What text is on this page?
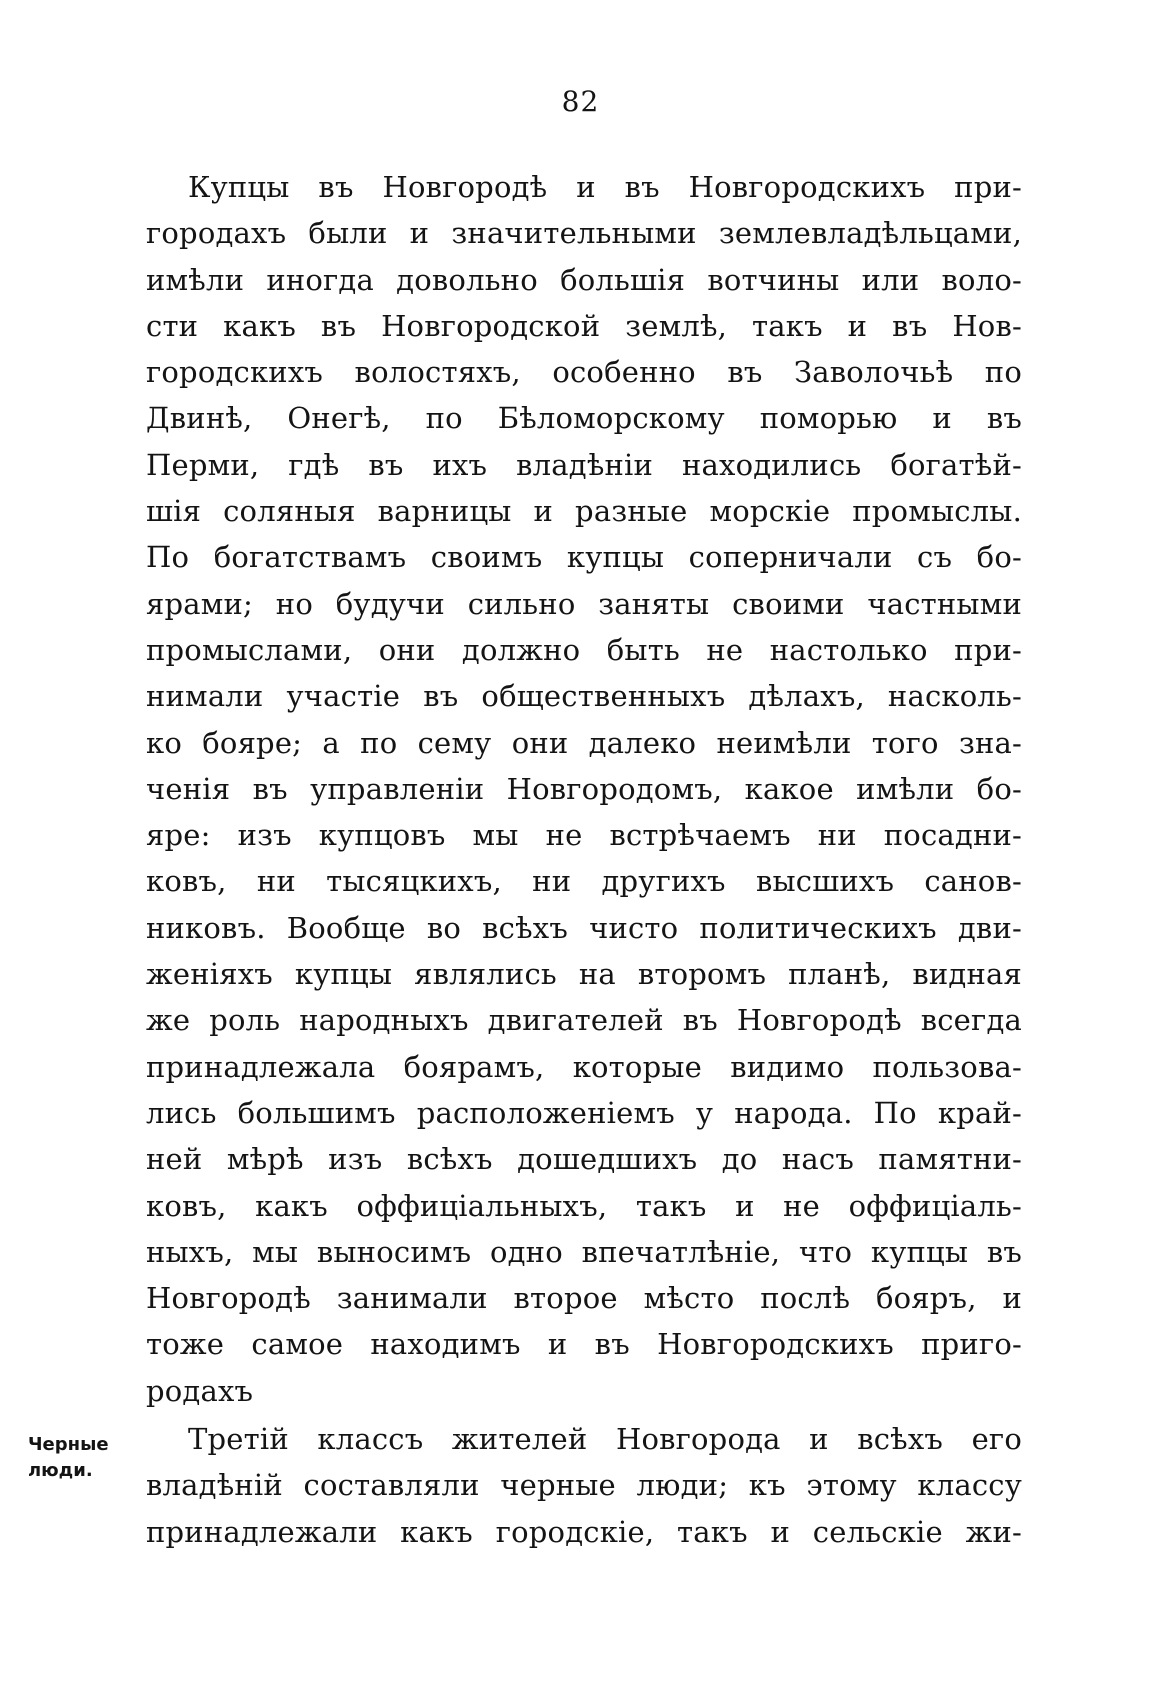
82
Купцы въ Новгородѣ и въ Новгородскихъ при-
городахъ были и значительными землевладѣльцами,
имѣли иногда довольно большія вотчины или воло-
сти какъ въ Новгородской землѣ, такъ и въ Нов-
городскихъ волостяхъ, особенно въ Заволочьѣ по
Двинѣ, Онегѣ, по Бѣломорскому поморью и въ
Перми, гдѣ въ ихъ владѣніи находились богатѣй-
шія соляныя варницы и разные морскіе промыслы.
По богатствамъ своимъ купцы соперничали съ бо-
ярами; но будучи сильно заняты своими частными
промыслами, они должно быть не настолько при-
нимали участіе въ общественныхъ дѣлахъ, насколь-
ко бояре; а по сему они далеко неимѣли того зна-
ченія въ управленіи Новгородомъ, какое имѣли бо-
яре: изъ купцовъ мы не встрѣчаемъ ни посадни-
ковъ, ни тысяцкихъ, ни другихъ высшихъ санов-
никовъ. Вообще во всѣхъ чисто политическихъ дви-
женіяхъ купцы являлись на второмъ планѣ, видная
же роль народныхъ двигателей въ Новгородѣ всегда
принадлежала боярамъ, которые видимо пользова-
лись большимъ расположеніемъ у народа. По край-
ней мѣрѣ изъ всѣхъ дошедшихъ до насъ памятни-
ковъ, какъ оффиціальныхъ, такъ и не оффиціаль-
ныхъ, мы выносимъ одно впечатлѣніе, что купцы въ
Новгородѣ занимали второе мѣсто послѣ бояръ, и
тоже самое находимъ и въ Новгородскихъ приго-
родахъ
Черные
люди.
Третій классъ жителей Новгорода и всѣхъ его
владѣній составляли черные люди; къ этому классу
принадлежали какъ городскіе, такъ и сельскіе жи-
